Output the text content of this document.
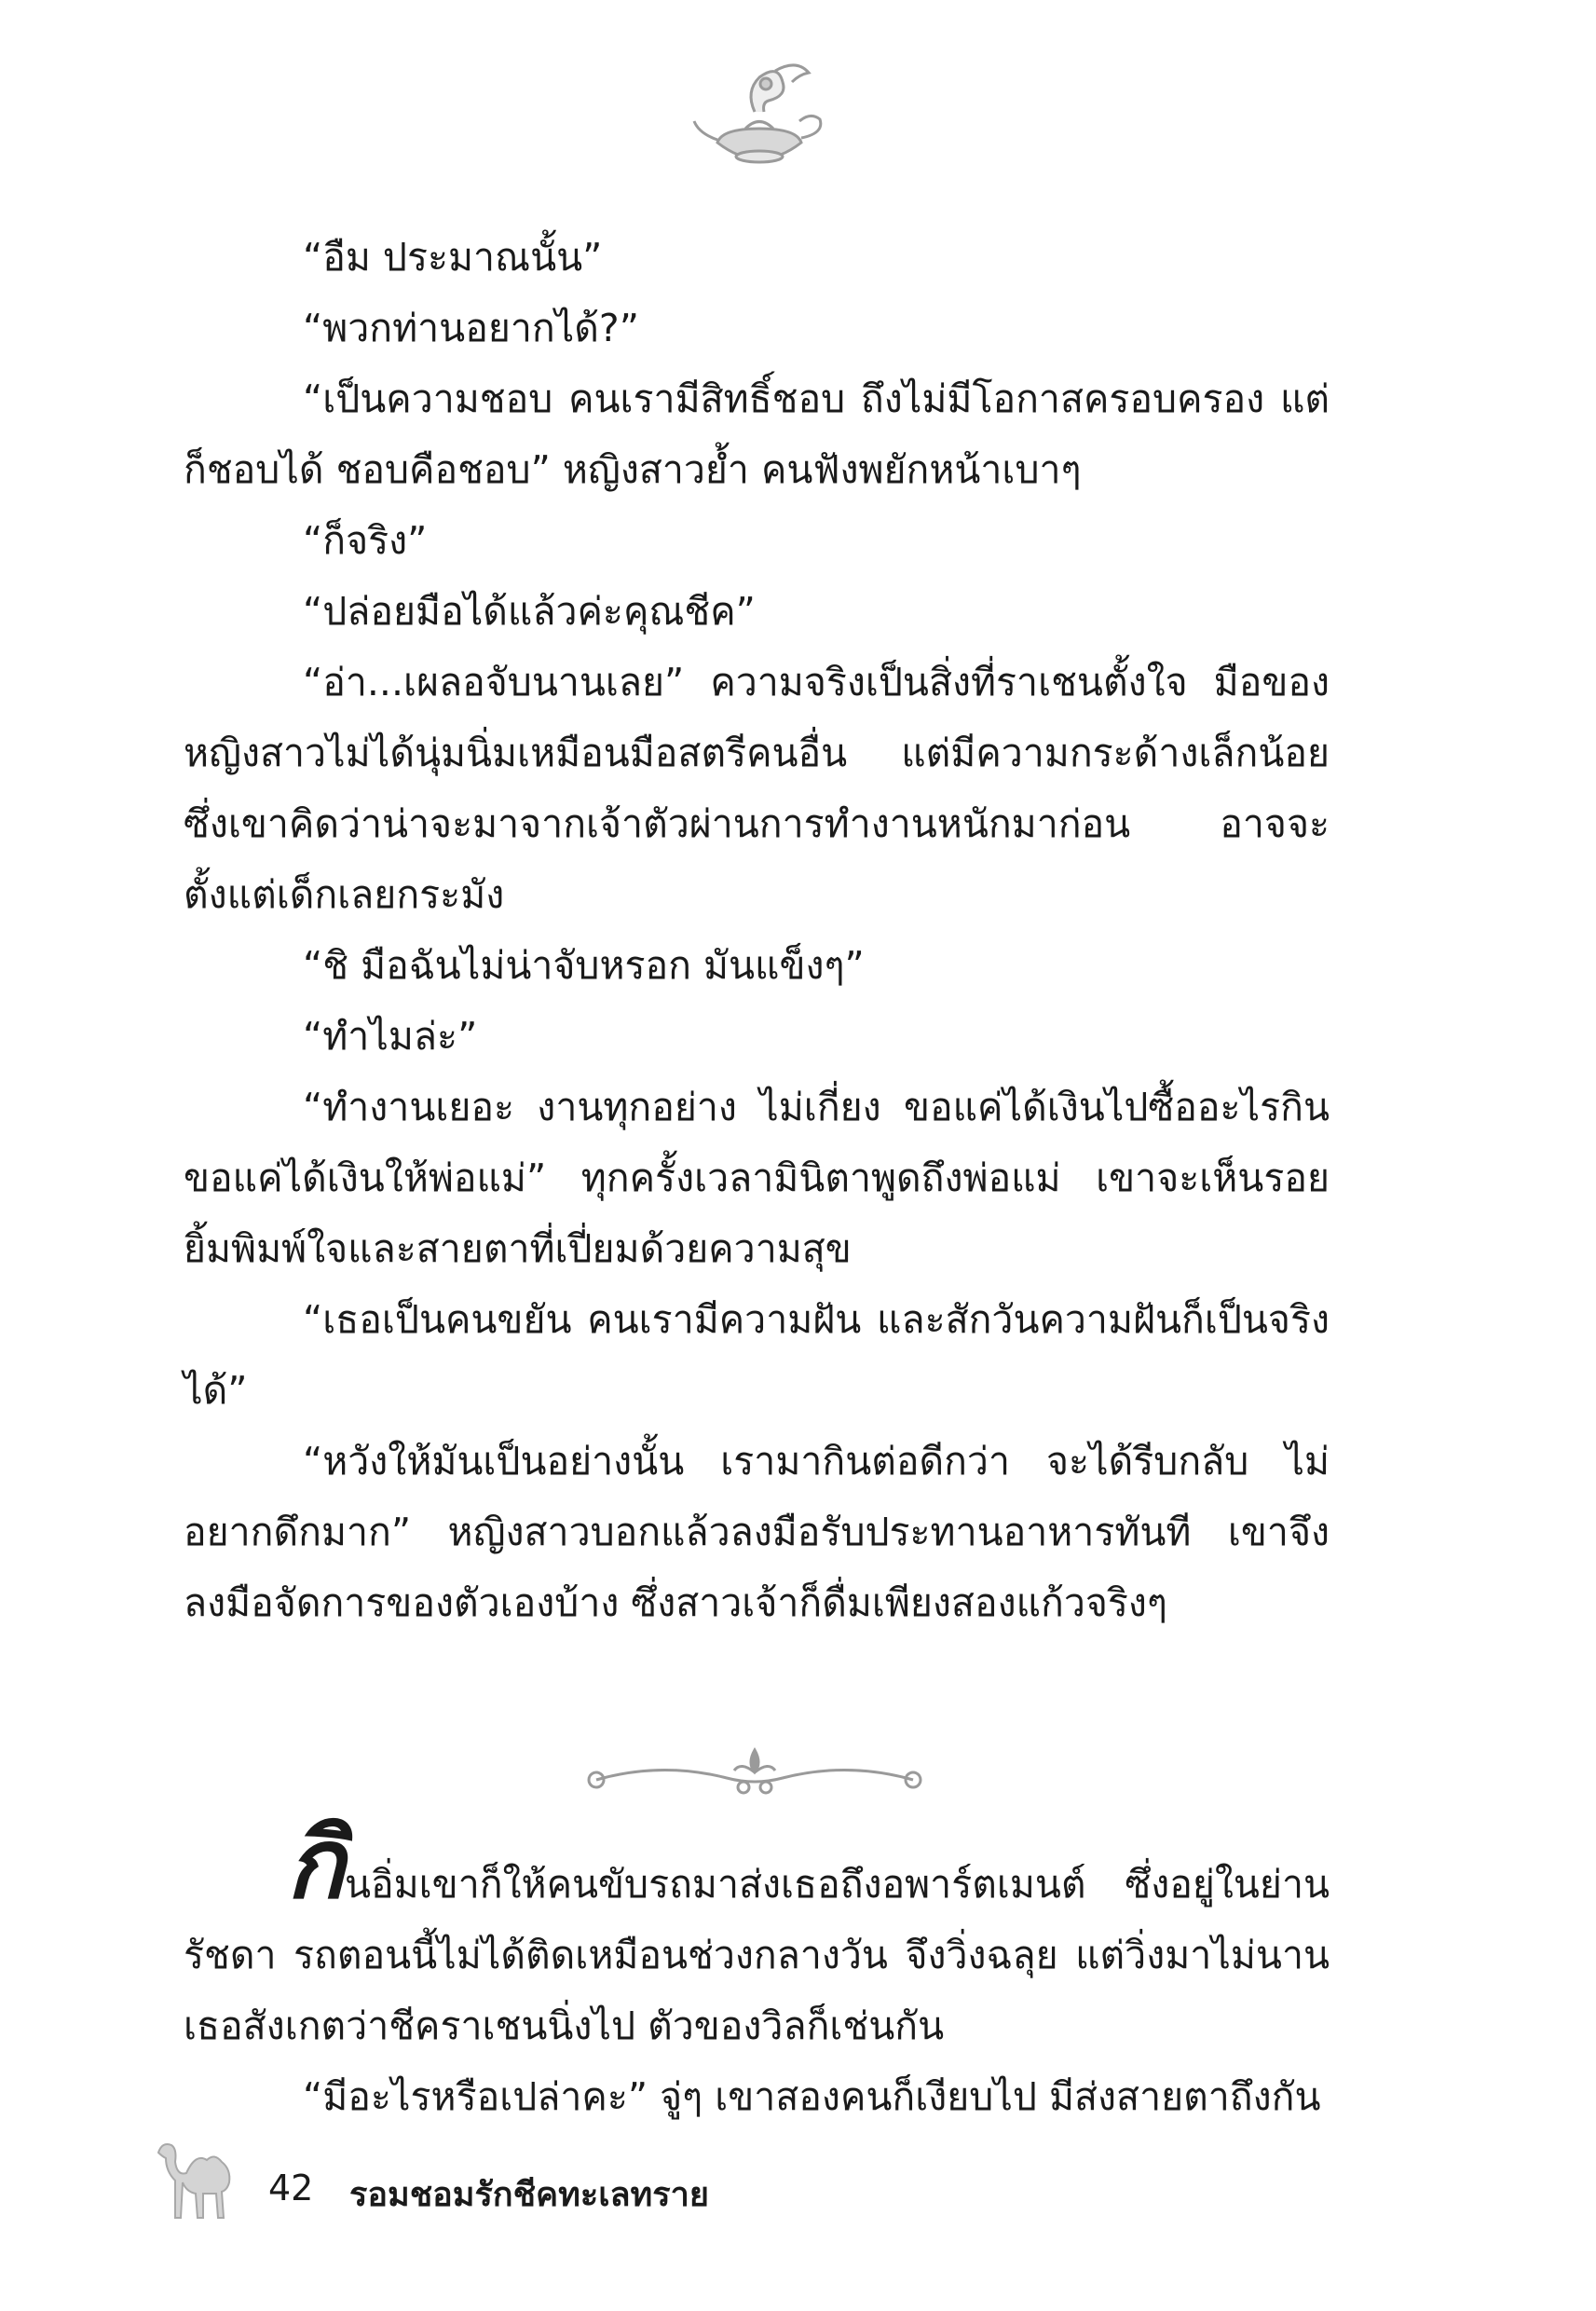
“อืม ประมาณนั้น”

“พวกท่านอยากได้?”

“เป็นความชอบ คนเรามีสิทธิ์ชอบ ถึงไม่มีโอกาสครอบครอง แต่ก็ชอบได้ ชอบคือชอบ” หญิงสาวย้ำ คนฟังพยักหน้าเบาๆ

“ก็จริง”

“ปล่อยมือได้แล้วค่ะคุณชีค”

“อ่า...เผลอจับนานเลย” ความจริงเป็นสิ่งที่ราเชนตั้งใจ มือของหญิงสาวไม่ได้นุ่มนิ่มเหมือนมือสตรีคนอื่น แต่มีความกระด้างเล็กน้อย ซึ่งเขาคิดว่าน่าจะมาจากเจ้าตัวผ่านการทำงานหนักมาก่อน อาจจะตั้งแต่เด็กเลยกระมัง

“ชิ มือฉันไม่น่าจับหรอก มันแข็งๆ”

“ทำไมล่ะ”

“ทำงานเยอะ งานทุกอย่าง ไม่เกี่ยง ขอแค่ได้เงินไปซื้ออะไรกิน ขอแค่ได้เงินให้พ่อแม่” ทุกครั้งเวลามินิตาพูดถึงพ่อแม่ เขาจะเห็นรอยยิ้มพิมพ์ใจและสายตาที่เปี่ยมด้วยความสุข

“เธอเป็นคนขยัน คนเรามีความฝัน และสักวันความฝันก็เป็นจริงได้”

“หวังให้มันเป็นอย่างนั้น เรามากินต่อดีกว่า จะได้รีบกลับ ไม่อยากดึกมาก” หญิงสาวบอกแล้วลงมือรับประทานอาหารทันที เขาจึงลงมือจัดการของตัวเองบ้าง ซึ่งสาวเจ้าก็ดื่มเพียงสองแก้วจริงๆ

กินอิ่มเขาก็ให้คนขับรถมาส่งเธอถึงอพาร์ตเมนต์ ซึ่งอยู่ในย่านรัชดา รถตอนนี้ไม่ได้ติดเหมือนช่วงกลางวัน จึงวิ่งฉลุย แต่วิ่งมาไม่นานเธอสังเกตว่าชีคราเชนนิ่งไป ตัวของวิลก็เช่นกัน

“มีอะไรหรือเปล่าคะ” จู่ๆ เขาสองคนก็เงียบไป มีส่งสายตาถึงกัน

42 รอมชอมรักชีคทะเลทราย
